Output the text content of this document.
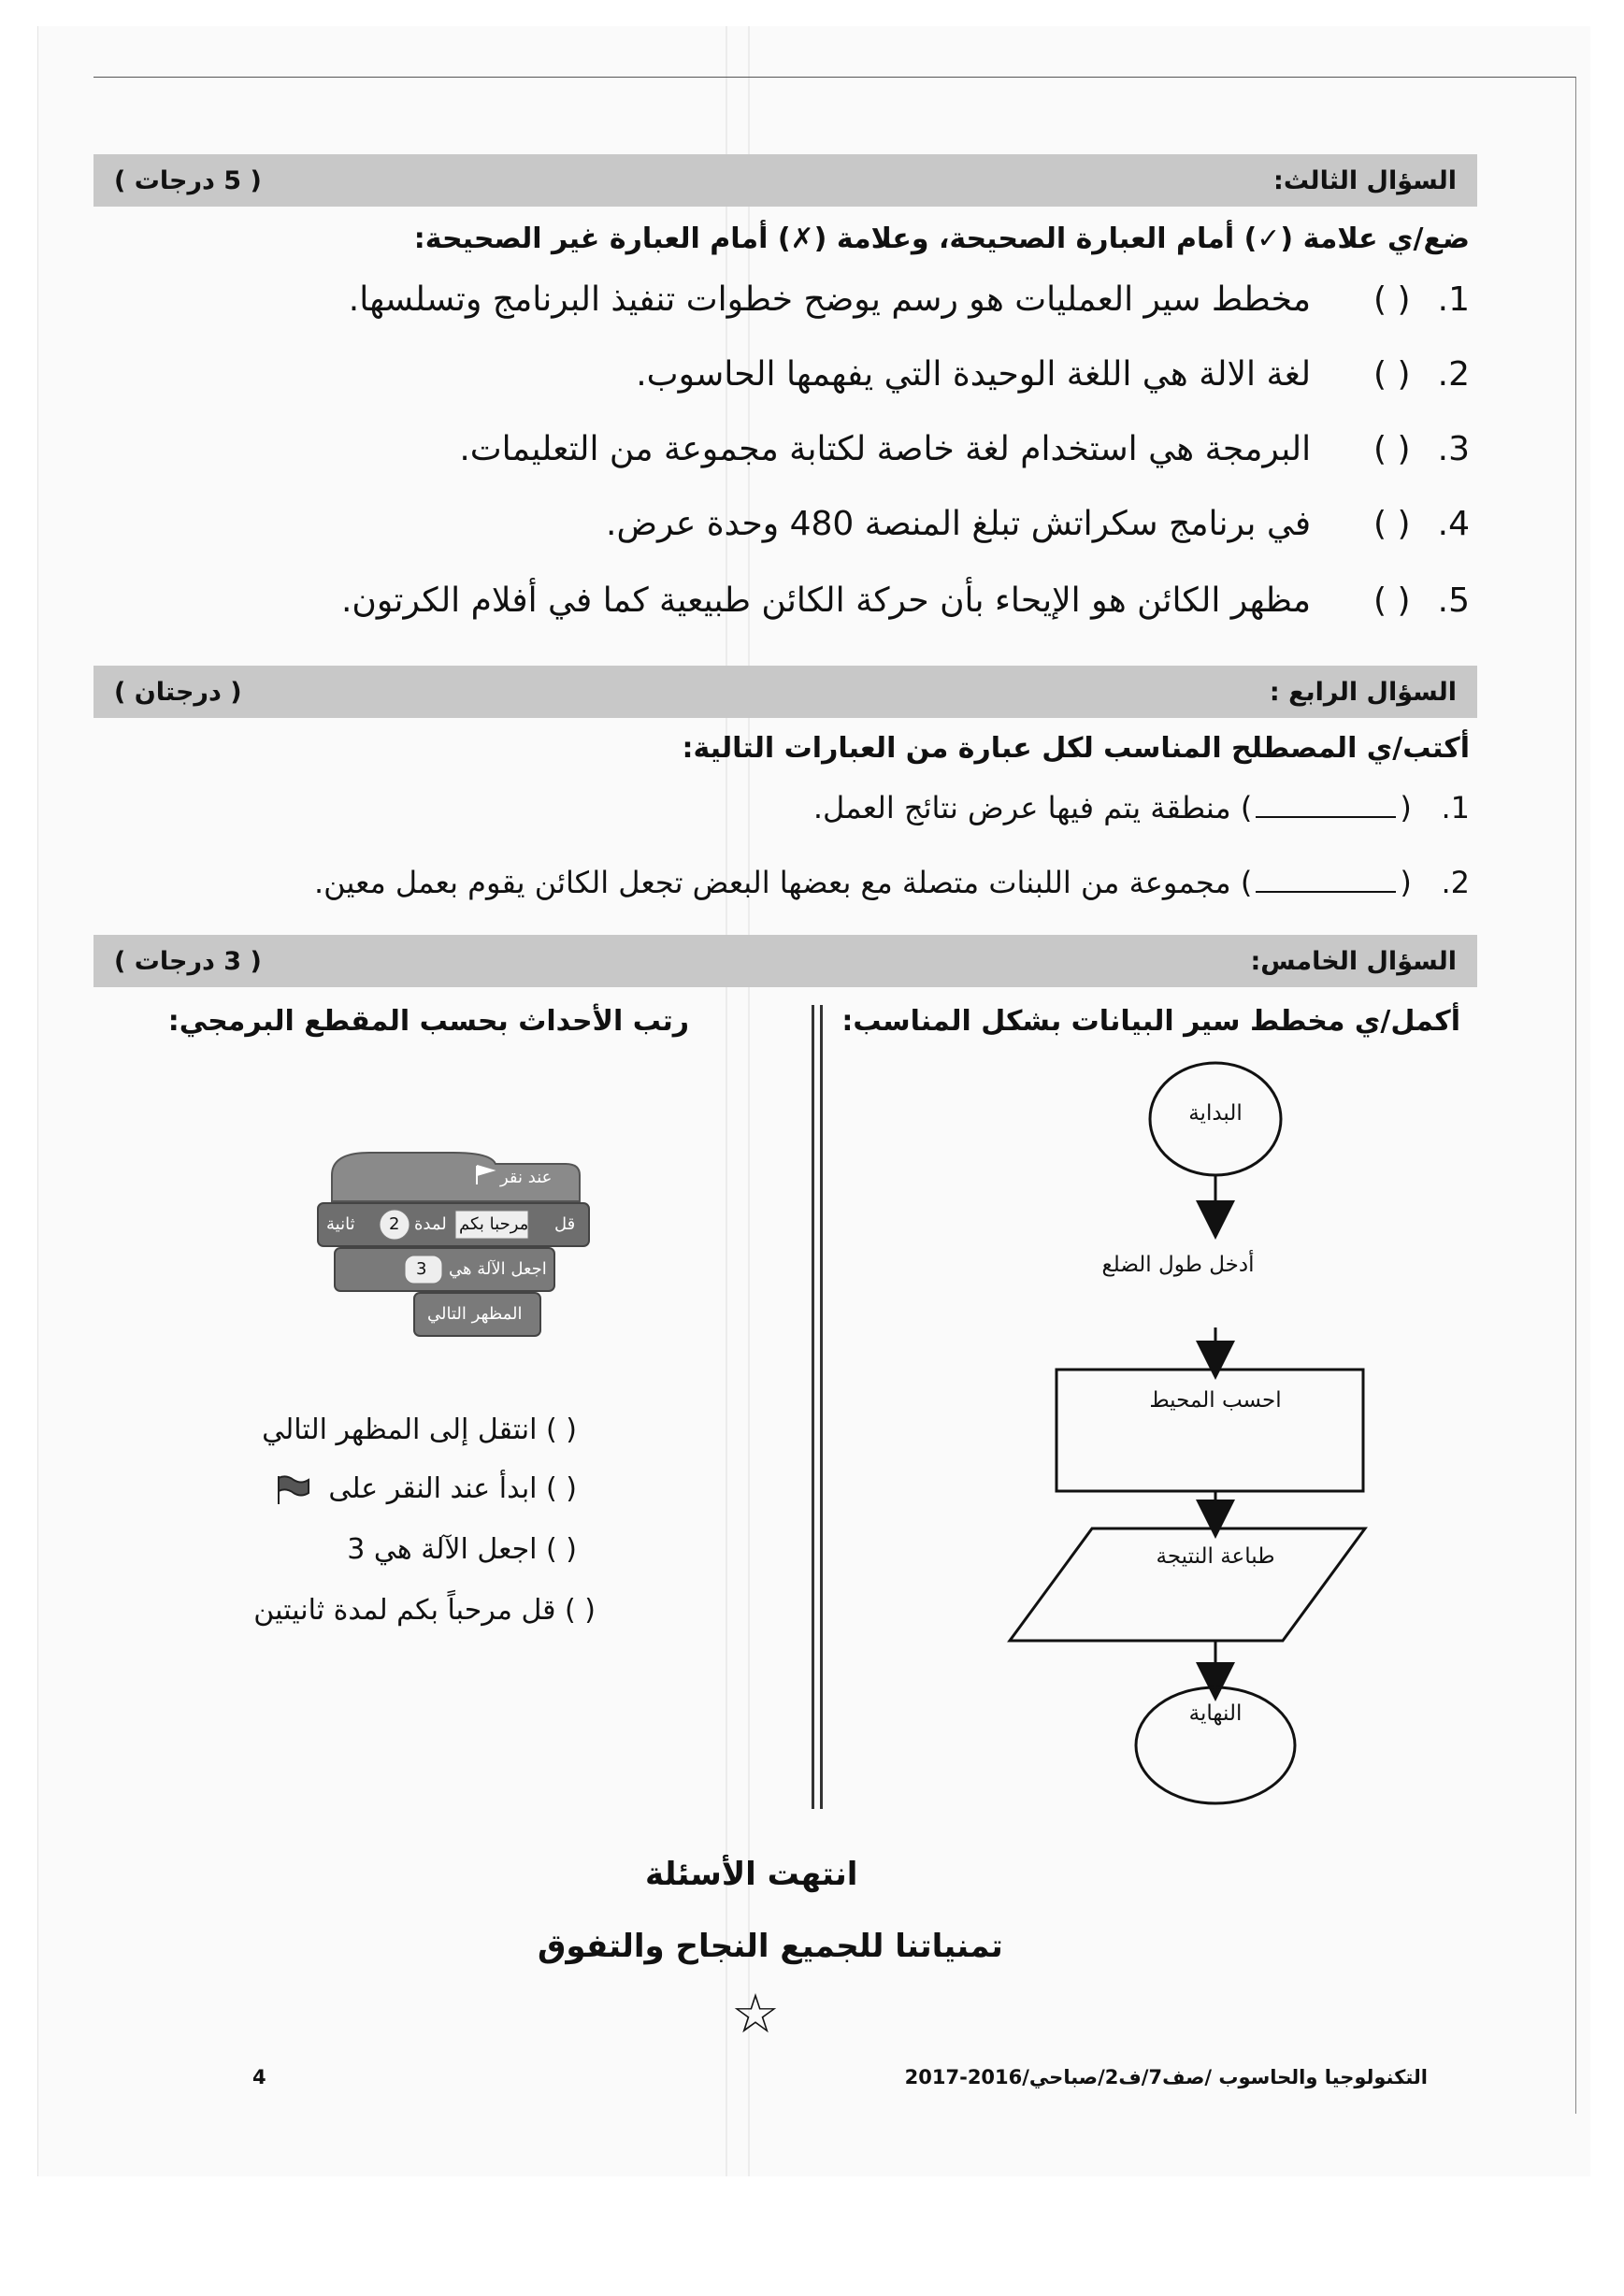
السؤال الثالث:
( 5 درجات )
ضع/ي علامة (✓) أمام العبارة الصحيحة، وعلامة (✗) أمام العبارة غير الصحيحة:
1. ( ) مخطط سير العمليات هو رسم يوضح خطوات تنفيذ البرنامج وتسلسها.
2. ( ) لغة الالة هي اللغة الوحيدة التي يفهمها الحاسوب.
3. ( ) البرمجة هي استخدام لغة خاصة لكتابة مجموعة من التعليمات.
4. ( ) في برنامج سكراتش تبلغ المنصة 480 وحدة عرض.
5. ( ) مظهر الكائن هو الإيحاء بأن حركة الكائن طبيعية كما في أفلام الكرتون.
السؤال الرابع :
( درجتان )
أكتب/ي المصطلح المناسب لكل عبارة من العبارات التالية:
1. () منطقة يتم فيها عرض نتائج العمل.
2. () مجموعة من اللبنات متصلة مع بعضها البعض تجعل الكائن يقوم بعمل معين.
السؤال الخامس:
( 3 درجات )
أكمل/ي مخطط سير البيانات بشكل المناسب:
رتب الأحداث بحسب المقطع البرمجي:
البداية
أدخل طول الضلع
احسب المحيط
طباعة النتيجة
النهاية
عند نقر
قل
مرحبا بكم
لمدة
2
ثانية
اجعل الآلة هي
3
المظهر التالي
( ) انتقل إلى المظهر التالي
( ) ابدأ عند النقر على
( ) اجعل الآلة هي 3
( ) قل مرحباً بكم لمدة ثانيتين
انتهت الأسئلة
تمنياتنا للجميع النجاح والتفوق
☆
التكنولوجيا والحاسوب /صف7/ف2/صباحي/2016-2017
4
